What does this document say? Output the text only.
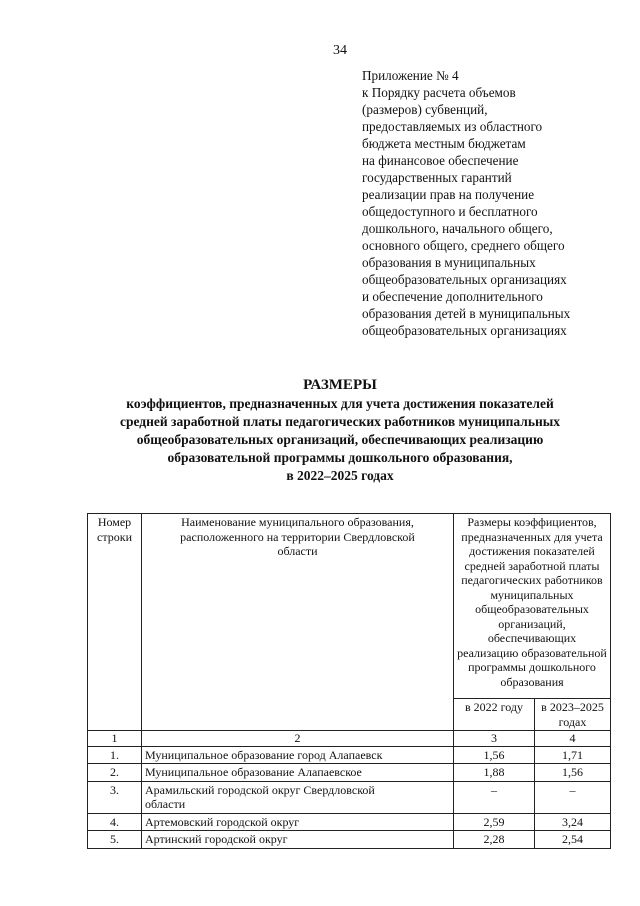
34
Приложение № 4
к Порядку расчета объемов
(размеров) субвенций,
предоставляемых из областного
бюджета местным бюджетам
на финансовое обеспечение
государственных гарантий
реализации прав на получение
общедоступного и бесплатного
дошкольного, начального общего,
основного общего, среднего общего
образования в муниципальных
общеобразовательных организациях
и обеспечение дополнительного
образования детей в муниципальных
общеобразовательных организациях
РАЗМЕРЫ
коэффициентов, предназначенных для учета достижения показателей
средней заработной платы педагогических работников муниципальных
общеобразовательных организаций, обеспечивающих реализацию
образовательной программы дошкольного образования,
в 2022–2025 годах
Номер строки	Наименование муниципального образования, расположенного на территории Свердловской области	Размеры коэффициентов, предназначенных для учета достижения показателей средней заработной платы педагогических работников муниципальных общеобразовательных организаций, обеспечивающих реализацию образовательной программы дошкольного образования	
		в 2022 году	в 2023–2025 годах
1	2	3	4
1.	Муниципальное образование город Алапаевск	1,56	1,71
2.	Муниципальное образование Алапаевское	1,88	1,56
3.	Арамильский городской округ Свердловской области	–	–
4.	Артемовский городской округ	2,59	3,24
5.	Артинский городской округ	2,28	2,54
